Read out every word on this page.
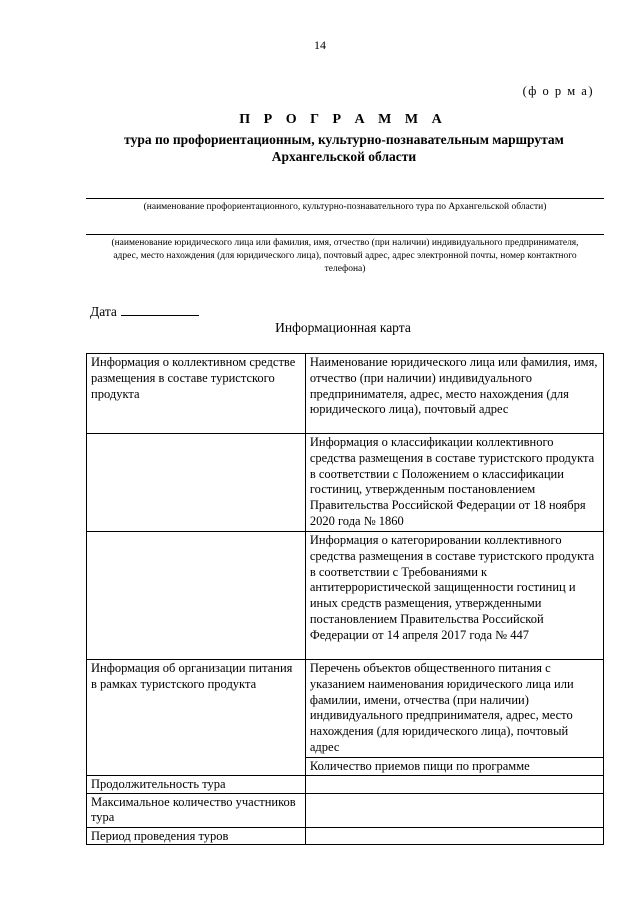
14
(ф о р м а)
П Р О Г Р А М М А
тура по профориентационным, культурно-познавательным маршрутам Архангельской области
(наименование профориентационного, культурно-познавательного тура по Архангельской области)
(наименование юридического лица или фамилия, имя, отчество (при наличии) индивидуального предпринимателя, адрес, место нахождения (для юридического лица), почтовый адрес, адрес электронной почты, номер контактного телефона)
Дата
Информационная карта
Информация о коллективном средстве размещения в составе туристского продукта	Наименование юридического лица или фамилия, имя, отчество (при наличии) индивидуального предпринимателя, адрес, место нахождения (для юридического лица), почтовый адрес
	Информация о классификации коллективного средства размещения в составе туристского продукта в соответствии с Положением о классификации гостиниц, утвержденным постановлением Правительства Российской Федерации от 18 ноября 2020 года № 1860
	Информация о категорировании коллективного средства размещения в составе туристского продукта в соответствии с Требованиями к антитеррористической защищенности гостиниц и иных средств размещения, утвержденными постановлением Правительства Российской Федерации от 14 апреля 2017 года № 447
Информация об организации питания в рамках туристского продукта	Перечень объектов общественного питания с указанием наименования юридического лица или фамилии, имени, отчества (при наличии) индивидуального предпринимателя, адрес, место нахождения (для юридического лица), почтовый адрес
	Количество приемов пищи по программе
Продолжительность тура	
Максимальное количество участников тура	
Период проведения туров	
